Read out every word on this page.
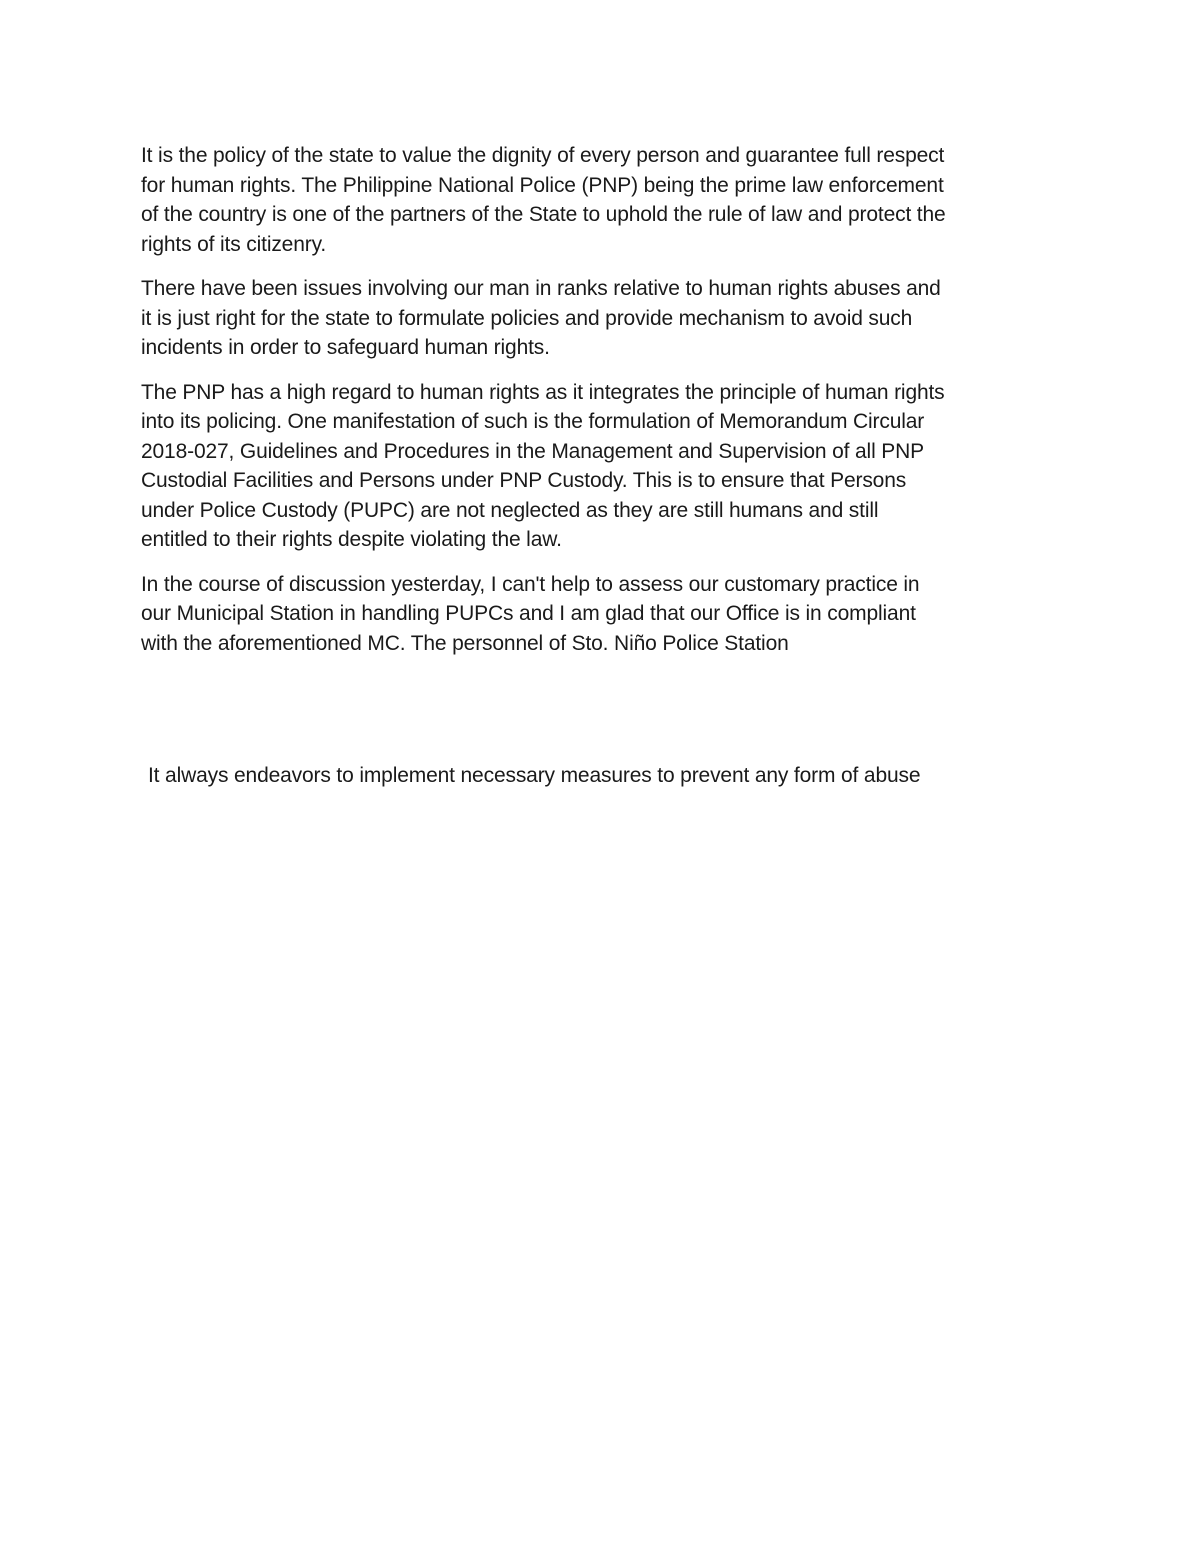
It is the policy of the state to value the dignity of every person and guarantee full respect
for human rights. The Philippine National Police (PNP) being the prime law enforcement
of the country is one of the partners of the State to uphold the rule of law and protect the
rights of its citizenry.

There have been issues involving our man in ranks relative to human rights abuses and
it is just right for the state to formulate policies and provide mechanism to avoid such
incidents in order to safeguard human rights.

The PNP has a high regard to human rights as it integrates the principle of human rights
into its policing. One manifestation of such is the formulation of Memorandum Circular
2018-027, Guidelines and Procedures in the Management and Supervision of all PNP
Custodial Facilities and Persons under PNP Custody. This is to ensure that Persons
under Police Custody (PUPC) are not neglected as they are still humans and still
entitled to their rights despite violating the law.

In the course of discussion yesterday, I can't help to assess our customary practice in
our Municipal Station in handling PUPCs and I am glad that our Office is in compliant
with the aforementioned MC. The personnel of Sto. Niño Police Station

It always endeavors to implement necessary measures to prevent any form of abuse
